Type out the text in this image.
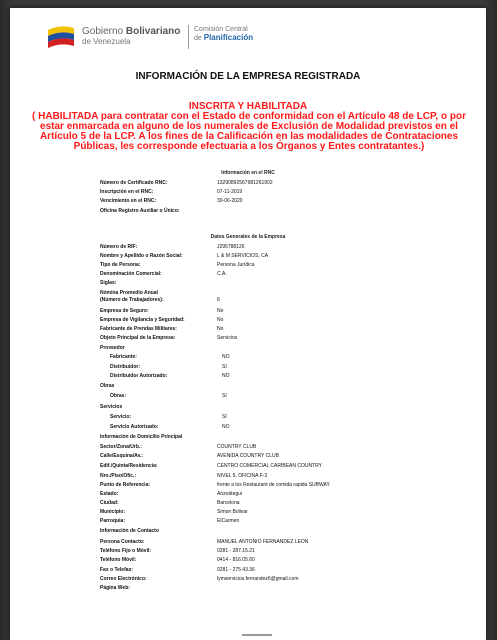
Gobierno Bolivariano
de Venezuela
Comisión Central
de Planificación
INFORMACIÓN DE LA EMPRESA REGISTRADA
INSCRITA Y HABILITADA
( HABILITADA para contratar con el Estado de conformidad con el Artículo 48 de LCP, o por estar enmarcada en alguno de los numerales de Exclusión de Modalidad previstos en el Artículo 5 de la LCP. A los fines de la Calificación en las modalidades de Contrataciones Públicas, les corresponde efectuaria a los Órganos y Entes contratantes.)
Información en el RNC
Número de Certificado RNC:	13290892567981261902
Inscripción en el RNC:	07-11-2019
Vencimiento en el RNC:	30-06-2020
Oficina Registro Auxiliar o Único:
Datos Generales de la Empresa
Número de RIF:	J295788126
Nombre y Apellido o Razón Social:	L & M SERVICIOS, CA
Tipo de Persona:	Persona Jurídica
Denominación Comercial:	C.A.
Siglas:
Nómina Promedio Anual
(Número de Trabajadores):	6
Empresa de Seguro:	No
Empresa de Vigilancia y Seguridad:	No
Fabricante de Prendas Militares:	No
Objeto Principal de la Empresa:	Servicios
Proveedor
Fabricante:	NO
Distribuidor:	SI
Distribuidor Autorizado:	NO
Obras
Obras:	SI
Servicios
Servicio:	SI
Servicio Autorizado:	NO
Información de Domicilio Principal
Sector/Zona/Urb.:	COUNTRY CLUB
Calle/Esquina/Av.:	AVENIDA COUNTRY CLUB
Edif./Quinta/Residencia:	CENTRO COMERCIAL CARIBEAN COUNTRY
Nro./Piso/Ofic.:	NIVEL 5, OFICINA F-3
Punto de Referencia:	frente a los Restaurant de comida rapida SUBWAY
Estado:	Anzoátegui
Ciudad:	Barcelona
Municipio:	Simon Bolivar
Parroquia:	ElCarmen
Información de Contacto
Persona Contacto:	MANUEL ANTONIO FERNANDEZ LEON
Teléfono Fijo o Móvil:	0281 - 287.15.21
Teléfono Móvil:	0414 - 816.05.60
Fax o Telefax:	0281 - 275.43.36
Correo Electrónico:	lymservicios.fernandez6@gmail.com
Página Web:
